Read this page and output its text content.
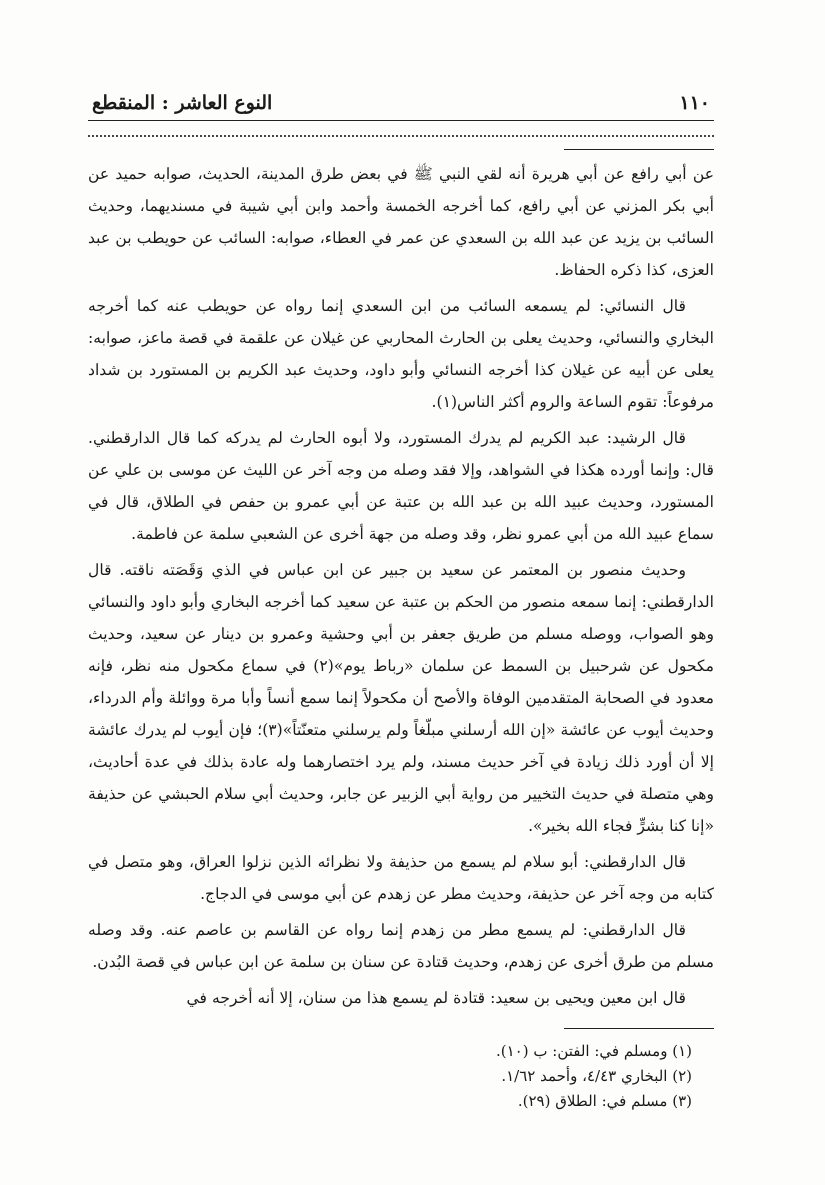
١١٠
النوع العاشر : المنقطع

عن أبي رافع عن أبي هريرة أنه لقي النبي ﷺ في بعض طرق المدينة، الحديث، صوابه حميد عن أبي بكر المزني عن أبي رافع، كما أخرجه الخمسة وأحمد وابن أبي شيبة في مسنديهما، وحديث السائب بن يزيد عن عبد الله بن السعدي عن عمر في العطاء، صوابه: السائب عن حويطب بن عبد العزى، كذا ذكره الحفاظ.

قال النسائي: لم يسمعه السائب من ابن السعدي إنما رواه عن حويطب عنه كما أخرجه البخاري والنسائي، وحديث يعلى بن الحارث المحاربي عن غيلان عن علقمة في قصة ماعز، صوابه: يعلى عن أبيه عن غيلان كذا أخرجه النسائي وأبو داود، وحديث عبد الكريم بن المستورد بن شداد مرفوعاً: تقوم الساعة والروم أكثر الناس(١).

قال الرشيد: عبد الكريم لم يدرك المستورد، ولا أبوه الحارث لم يدركه كما قال الدارقطني. قال: وإنما أورده هكذا في الشواهد، وإلا فقد وصله من وجه آخر عن الليث عن موسى بن علي عن المستورد، وحديث عبيد الله بن عبد الله بن عتبة عن أبي عمرو بن حفص في الطلاق، قال في سماع عبيد الله من أبي عمرو نظر، وقد وصله من جهة أخرى عن الشعبي سلمة عن فاطمة.

وحديث منصور بن المعتمر عن سعيد بن جبير عن ابن عباس في الذي وَقَصَته ناقته. قال الدارقطني: إنما سمعه منصور من الحكم بن عتبة عن سعيد كما أخرجه البخاري وأبو داود والنسائي وهو الصواب، ووصله مسلم من طريق جعفر بن أبي وحشية وعمرو بن دينار عن سعيد، وحديث مكحول عن شرحبيل بن السمط عن سلمان «رباط يوم»(٢) في سماع مكحول منه نظر، فإنه معدود في الصحابة المتقدمين الوفاة والأصح أن مكحولاً إنما سمع أنساً وأبا مرة ووائلة وأم الدرداء، وحديث أيوب عن عائشة «إن الله أرسلني مبلّغاً ولم يرسلني متعنّتاً»(٣)؛ فإن أيوب لم يدرك عائشة إلا أن أورد ذلك زيادة في آخر حديث مسند، ولم يرد اختصارهما وله عادة بذلك في عدة أحاديث، وهي متصلة في حديث التخيير من رواية أبي الزبير عن جابر، وحديث أبي سلام الحبشي عن حذيفة «إنا كنا بشرٍّ فجاء الله بخير».

قال الدارقطني: أبو سلام لم يسمع من حذيفة ولا نظرائه الذين نزلوا العراق، وهو متصل في كتابه من وجه آخر عن حذيفة، وحديث مطر عن زهدم عن أبي موسى في الدجاج.

قال الدارقطني: لم يسمع مطر من زهدم إنما رواه عن القاسم بن عاصم عنه. وقد وصله مسلم من طرق أخرى عن زهدم، وحديث قتادة عن سنان بن سلمة عن ابن عباس في قصة البُدن.

قال ابن معين ويحيى بن سعيد: قتادة لم يسمع هذا من سنان، إلا أنه أخرجه في

(١) ومسلم في: الفتن: ب (١٠).

(٢) البخاري ٤/٤٣، وأحمد ١/٦٢.

(٣) مسلم في: الطلاق (٢٩).
